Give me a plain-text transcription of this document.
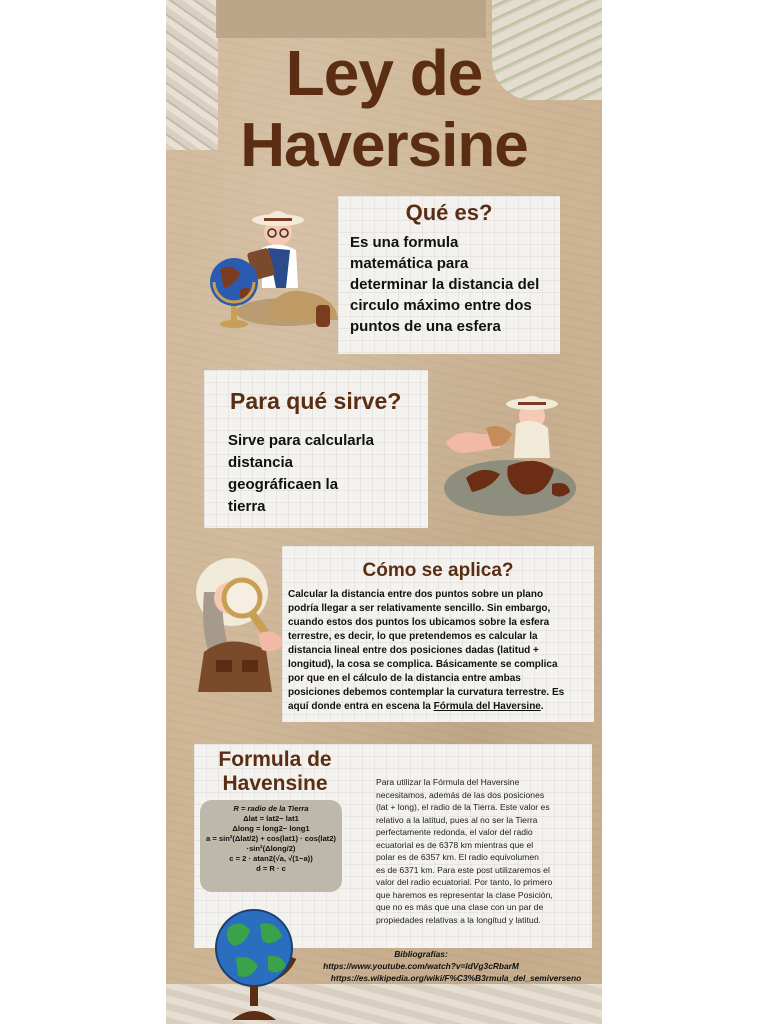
Ley de
Haversine
Qué es?
Es una formula
matemática para
determinar la distancia del
circulo máximo entre dos
puntos de una esfera
Para qué sirve?
Sirve para calcularla
distancia
geográficaen la
tierra
Cómo se aplica?
Calcular la distancia entre dos puntos sobre un plano
podría llegar a ser relativamente sencillo. Sin embargo,
cuando estos dos puntos los ubicamos sobre la esfera
terrestre, es decir, lo que pretendemos es calcular la
distancia lineal entre dos posiciones dadas (latitud +
longitud), la cosa se complica. Básicamente se complica
por que en el cálculo de la distancia entre ambas
posiciones debemos contemplar la curvatura terrestre. Es
aquí donde entra en escena la Fórmula del Haversine.
Formula de
Havensine
R = radio de la Tierra
Δlat = lat2− lat1
Δlong = long2− long1
a = sin²(Δlat/2) + cos(lat1) · cos(lat2)
·sin²(Δlong/2)
c = 2 · atan2(√a, √(1−a))
d = R · c
Para utilizar la Fórmula del Haversine
necesitamos, además de las dos posiciones
(lat + long), el radio de la Tierra. Este valor es
relativo a la latitud, pues al no ser la Tierra
perfectamente redonda, el valor del radio
ecuatorial es de 6378 km mientras que el
polar es de 6357 km. El radio equivolumen
es de 6371 km. Para este post utilizaremos el
valor del radio ecuatorial. Por tanto, lo primero
que haremos es representar la clase Posición,
que no es más que una clase con un par de
propiedades relativas a la longitud y latitud.
Bibliografías:
https://www.youtube.com/watch?v=ldVg3cRbarM
https://es.wikipedia.org/wiki/F%C3%B3rmula_del_semiverseno
